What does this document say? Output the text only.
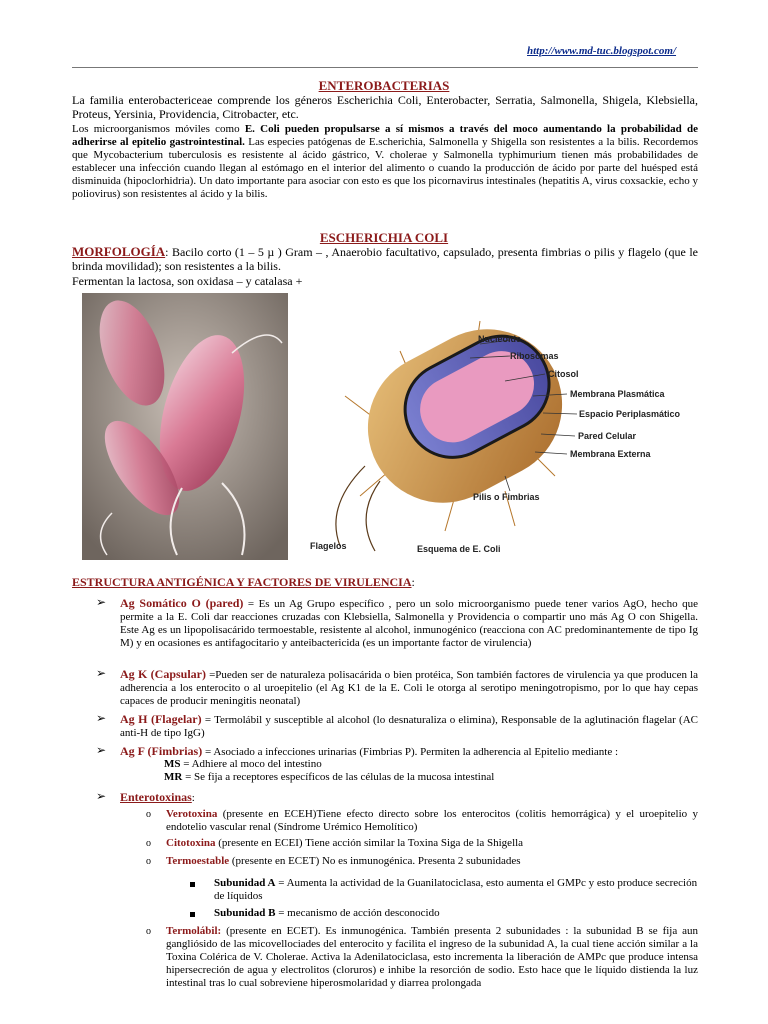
http://www.md-tuc.blogspot.com/
ENTEROBACTERIAS
La familia enterobactericeae comprende los géneros Escherichia Coli, Enterobacter, Serratia, Salmonella, Shigela, Klebsiella, Proteus, Yersinia, Providencia, Citrobacter, etc.
Los microorganismos móviles como E. Coli pueden propulsarse a sí mismos a través del moco aumentando la probabilidad de adherirse al epitelio gastrointestinal. Las especies patógenas de E.scherichia, Salmonella y Shigella son resistentes a la bilis. Recordemos que Mycobacterium tuberculosis es resistente al ácido gástrico, V. cholerae y Salmonella typhimurium tienen más probabilidades de establecer una infección cuando llegan al estómago en el interior del alimento o cuando la producción de ácido por parte del huésped está disminuida (hipoclorhidria). Un dato importante para asociar con esto es que los picornavirus intestinales (hepatitis A, virus coxsackie, echo y poliovirus) son resistentes al ácido y la bilis.
ESCHERICHIA COLI
MORFOLOGÍA: Bacilo corto (1 – 5 µ ) Gram – , Anaerobio facultativo, capsulado, presenta fimbrias o pilis y flagelo (que le brinda movilidad); son resistentes a la bilis.
Fermentan la lactosa, son oxidasa – y catalasa +
Nucleoide
Ribosomas
Citosol
Membrana Plasmática
Espacio Periplasmático
Pared Celular
Membrana Externa
Pilis o Fimbrias
Flagelos	Esquema de E. Coli
ESTRUCTURA ANTIGÉNICA Y FACTORES DE VIRULENCIA:
➢ Ag Somático O (pared) = Es un Ag Grupo específico , pero un solo microorganismo puede tener varios AgO, hecho que permite a la E. Coli dar reacciones cruzadas con Klebsiella, Salmonella y Providencia o compartir uno más Ag O con Shigella. Este Ag es un lipopolisacárido termoestable, resistente al alcohol, inmunogénico (reacciona con AC predominantemente de tipo Ig M) y en ocasiones es antifagocitario y anteibactericida (es un importante factor de virulencia)
➢ Ag K (Capsular) =Pueden ser de naturaleza polisacárida o bien protéica, Son también factores de virulencia ya que producen la adherencia a los enterocito o al uroepitelio (el Ag K1 de la E. Coli le otorga al serotipo meningotropismo, por lo que hay cepas capaces de producir meningitis neonatal)
➢ Ag H (Flagelar) = Termolábil y susceptible al alcohol (lo desnaturaliza o elimina), Responsable de la aglutinación flagelar (AC anti-H de tipo IgG)
➢ Ag F (Fimbrias) = Asociado a infecciones urinarias (Fimbrias P). Permiten la adherencia al Epitelio mediante :
MS = Adhiere al moco del intestino
MR = Se fija a receptores específicos de las células de la mucosa intestinal
➢ Enterotoxinas:
o Verotoxina (presente en ECEH)Tiene efecto directo sobre los enterocitos (colitis hemorrágica) y el uroepitelio y endotelio vascular renal (Síndrome Urémico Hemolítico)
o Citotoxina (presente en ECEI) Tiene acción similar la Toxina Siga de la Shigella
o Termoestable (presente en ECET) No es inmunogénica. Presenta 2 subunidades
Subunidad A = Aumenta la actividad de la Guanilatociclasa, esto aumenta el GMPc y esto produce secreción de líquidos
Subunidad B = mecanismo de acción desconocido
o Termolábil: (presente en ECET). Es inmunogénica. También presenta 2 subunidades : la subunidad B se fija aun gangliósido de las micovellociades del enterocito y facilita el ingreso de la subunidad A, la cual tiene acción similar a la Toxina Colérica de V. Cholerae. Activa la Adenilatociclasa, esto incrementa la liberación de AMPc que produce intensa hipersecreción de agua y electrolitos (cloruros) e inhibe la resorción de sodio. Esto hace que le líquido distienda la luz intestinal tras lo cual sobreviene hiperosmolaridad y diarrea prolongada
